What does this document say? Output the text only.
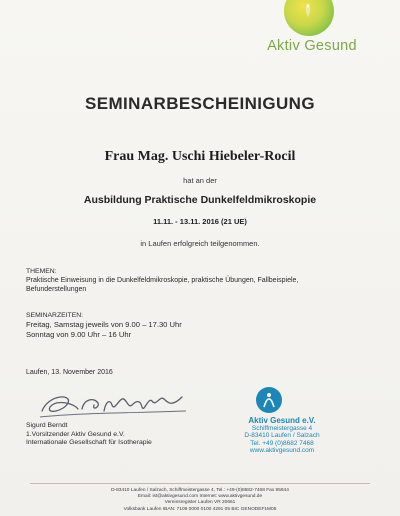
Aktiv Gesund
SEMINARBESCHEINIGUNG
Frau Mag. Uschi Hiebeler-Rocil
hat an der
Ausbildung Praktische Dunkelfeldmikroskopie
11.11. - 13.11. 2016 (21 UE)
in Laufen erfolgreich teilgenommen.
THEMEN:
Praktische Einweisung in die Dunkelfeldmikroskopie, praktische Übungen, Fallbeispiele,
Befunderstellungen
SEMINARZEITEN:
Freitag, Samstag jeweils von 9.00 – 17.30 Uhr
Sonntag von 9.00 Uhr – 16 Uhr
Laufen, 13. November 2016
Sigurd Berndt
1.Vorsitzender Aktiv Gesund e.V.
Internationale Gesellschaft für Isotherapie
Aktiv Gesund e.V.
Schiffmeistergasse 4
D-83410 Laufen / Salzach
Tel. +49 (0)8682 7468
www.aktivgesund.com
D-83410 Laufen / Salzach, Schiffmeistergasse 4, Tel.: +49-(0)8682-7468 Fax 95944
Email: ist@aktivgesund.com Internet: www.aktivgesund.de
Vereinsregister Laufen VR 20661
Volksbank Laufen IBAN: 7109 0000 0100 4291 05 BIC GENODEF1M05
